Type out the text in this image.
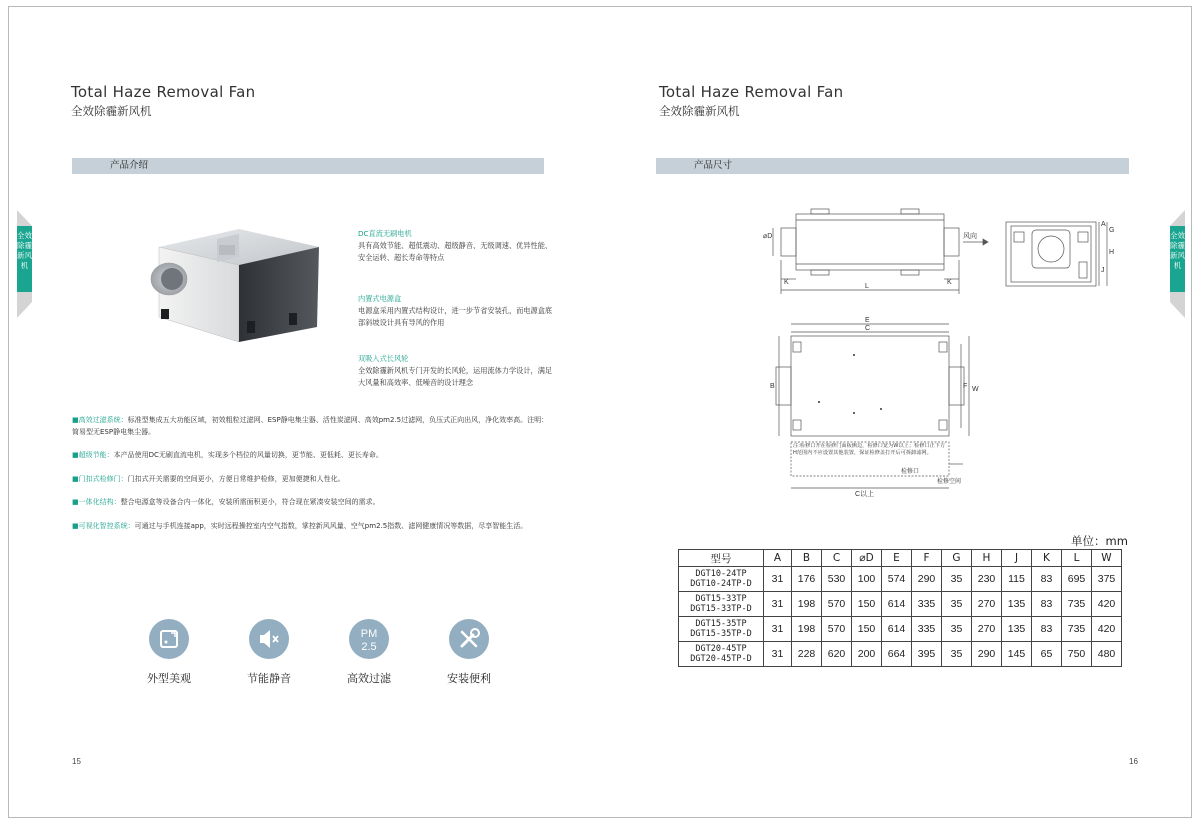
Total Haze Removal Fan
全效除霾新风机
产品介绍
全效除霾新风机
DC直流无刷电机
具有高效节能、超低震动、超级静音、无级调速、优异性能、安全运转、超长寿命等特点
内置式电源盒
电源盒采用内置式结构设计，进一步节省安装孔，而电源盒底部斜坡设计具有导风的作用
双吸入式长风轮
全效除霾新风机专门开发的长风轮，运用流体力学设计，满足大风量和高效率、低噪音的设计理念

■高效过滤系统：标准型集成五大功能区域，初效粗粒过滤网、ESP静电集尘器、活性炭滤网、高效pm2.5过滤网，负压式正向出风，净化效率高。注明：简易型无ESP静电集尘器。

■超级节能：本产品使用DC无刷直流电机，实现多个档位的风量切换，更节能、更低耗、更长寿命。

■门扣式检修门：门扣式开关需要的空间更小，方便日常维护检修，更加便捷和人性化。

■一体化结构：整合电源盒等设备合内一体化，安装所需面积更小，符合现在紧凑安装空间的需求。

■可视化智控系统：可通过与手机连接app，实时远程操控室内空气指数，掌控新风风量、空气pm2.5指数、滤网健康情况等数据，尽享智能生活。

外型美观	节能静音
PM
2.5
高效过滤	安装便利
15
Total Haze Removal Fan
全效除霾新风机
产品尺寸
全效除霾新风机
⌀D
K	K
L
风向
A
H
J
G
E
C
B	F W
注:检修口开在检修门面板侧边，检修口宽为W以上；检修口正下方H范围内不应设置其他装置，保证检修盖打开后可拆卸滤网。
检修口
检修空间
C以上
单位：mm
型号	A	B	C	⌀D	E	F	G	H	J	K	L	W

DGT10-24TP
DGT10-24TP-D	31	176	530	100	574	290	35	230	115	83	695	375

DGT15-33TP
DGT15-33TP-D	31	198	570	150	614	335	35	270	135	83	735	420

DGT15-35TP
DGT15-35TP-D	31	198	570	150	614	335	35	270	135	83	735	420

DGT20-45TP
DGT20-45TP-D	31	228	620	200	664	395	35	290	145	65	750	480
16
